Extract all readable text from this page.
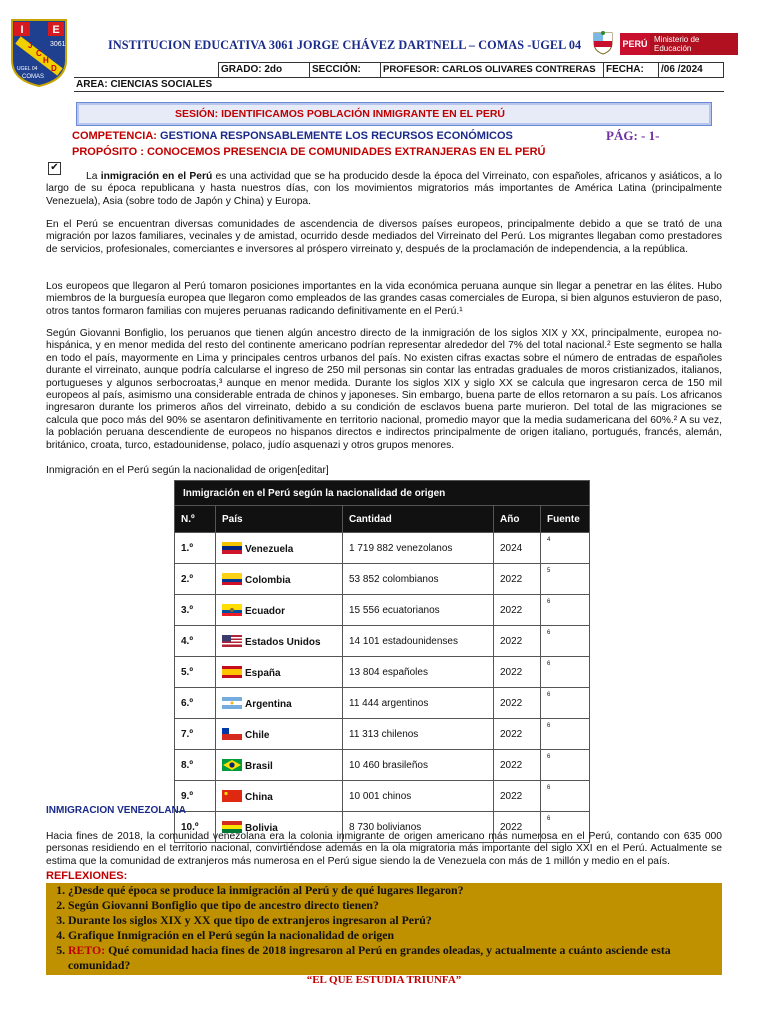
I	E
J
C
H
D
3061
UGEL 04
COMAS
INSTITUCION EDUCATIVA 3061 JORGE CHÁVEZ DARTNELL – COMAS -UGEL 04	PERÚ Ministerio de Educación
	GRADO: 2do	SECCIÓN:	PROFESOR: CARLOS OLIVARES CONTRERAS	FECHA:	/06 /2024
AREA: CIENCIAS SOCIALES
SESIÓN: IDENTIFICAMOS POBLACIÓN INMIGRANTE EN EL PERÚ
COMPETENCIA: GESTIONA RESPONSABLEMENTE LOS RECURSOS ECONÓMICOS	PÁG: - 1-
PROPÓSITO : CONOCEMOS PRESENCIA DE COMUNIDADES EXTRANJERAS EN EL PERÚ
✔
La inmigración en el Perú es una actividad que se ha producido desde la época del Virreinato, con españoles, africanos y asiáticos, a lo largo de su época republicana y hasta nuestros días, con los movimientos migratorios más importantes de América Latina (principalmente Venezuela), Asia (sobre todo de Japón y China) y Europa.
En el Perú se encuentran diversas comunidades de ascendencia de diversos países europeos, principalmente debido a que se trató de una migración por lazos familiares, vecinales y de amistad, ocurrido desde mediados del Virreinato del Perú. Los migrantes llegaban como prestadores de servicios, profesionales, comerciantes e inversores al próspero virreinato y, después de la proclamación de independencia, a la república.
Los europeos que llegaron al Perú tomaron posiciones importantes en la vida económica peruana aunque sin llegar a penetrar en las élites. Hubo miembros de la burguesía europea que llegaron como empleados de las grandes casas comerciales de Europa, si bien algunos estuvieron de paso, otros tantos formaron familias con mujeres peruanas radicando definitivamente en el Perú.¹
Según Giovanni Bonfiglio, los peruanos que tienen algún ancestro directo de la inmigración de los siglos XIX y XX, principalmente, europea no-hispánica, y en menor medida del resto del continente americano podrían representar alrededor del 7% del total nacional.² Este segmento se halla en todo el país, mayormente en Lima y principales centros urbanos del país. No existen cifras exactas sobre el número de entradas de españoles durante el virreinato, aunque podría calcularse el ingreso de 250 mil personas sin contar las entradas graduales de moros cristianizados, italianos, portugueses y algunos serbocroatas,³ aunque en menor medida. Durante los siglos XIX y siglo XX se calcula que ingresaron cerca de 150 mil europeos al país, asimismo una considerable entrada de chinos y japoneses. Sin embargo, buena parte de ellos retornaron a su país. Los africanos ingresaron durante los primeros años del virreinato, debido a su condición de esclavos buena parte murieron. Del total de las migraciones se calcula que poco más del 90% se asentaron definitivamente en territorio nacional, promedio mayor que la media sudamericana del 60%.² A su vez, la población peruana descendiente de europeos no hispanos directos e indirectos principalmente de origen italiano, portugués, francés, alemán, británico, croata, turco, estadounidense, polaco, judío asquenazi y otros grupos menores.
Inmigración en el Perú según la nacionalidad de origen[editar]
Inmigración en el Perú según la nacionalidad de origen				
N.º	País	Cantidad	Año	Fuente
1.º	Venezuela	1 719 882 venezolanos	2024	4
2.º	Colombia	53 852 colombianos	2022	5
3.º	Ecuador	15 556 ecuatorianos	2022	6
4.º	Estados Unidos	14 101 estadounidenses	2022	6
5.º	España	13 804 españoles	2022	6
6.º	Argentina	11 444 argentinos	2022	6
7.º	Chile	11 313 chilenos	2022	6
8.º	Brasil	10 460 brasileños	2022	6
9.º	China	10 001 chinos	2022	6
10.º	Bolivia	8 730 bolivianos	2022	6
INMIGRACION VENEZOLANA
Hacia fines de 2018, la comunidad venezolana era la colonia inmigrante de origen americano más numerosa en el Perú, contando con 635 000 personas residiendo en el territorio nacional, convirtiéndose además en la ola migratoria más importante del siglo XXI en el Perú. Actualmente se estima que la comunidad de extranjeros más numerosa en el Perú sigue siendo la de Venezuela con más de 1 millón y medio en el país.
REFLEXIONES:
1. ¿Desde qué época se produce la inmigración al Perú y de qué lugares llegaron?
2. Según Giovanni Bonfiglio que tipo de ancestro directo tienen?
3. Durante los siglos XIX y XX que tipo de extranjeros ingresaron al Perú?
4. Grafique Inmigración en el Perú según la nacionalidad de origen
5. RETO: Qué comunidad hacia fines de 2018 ingresaron al Perú en grandes oleadas, y actualmente a cuánto asciende esta comunidad?
“EL QUE ESTUDIA TRIUNFA”
